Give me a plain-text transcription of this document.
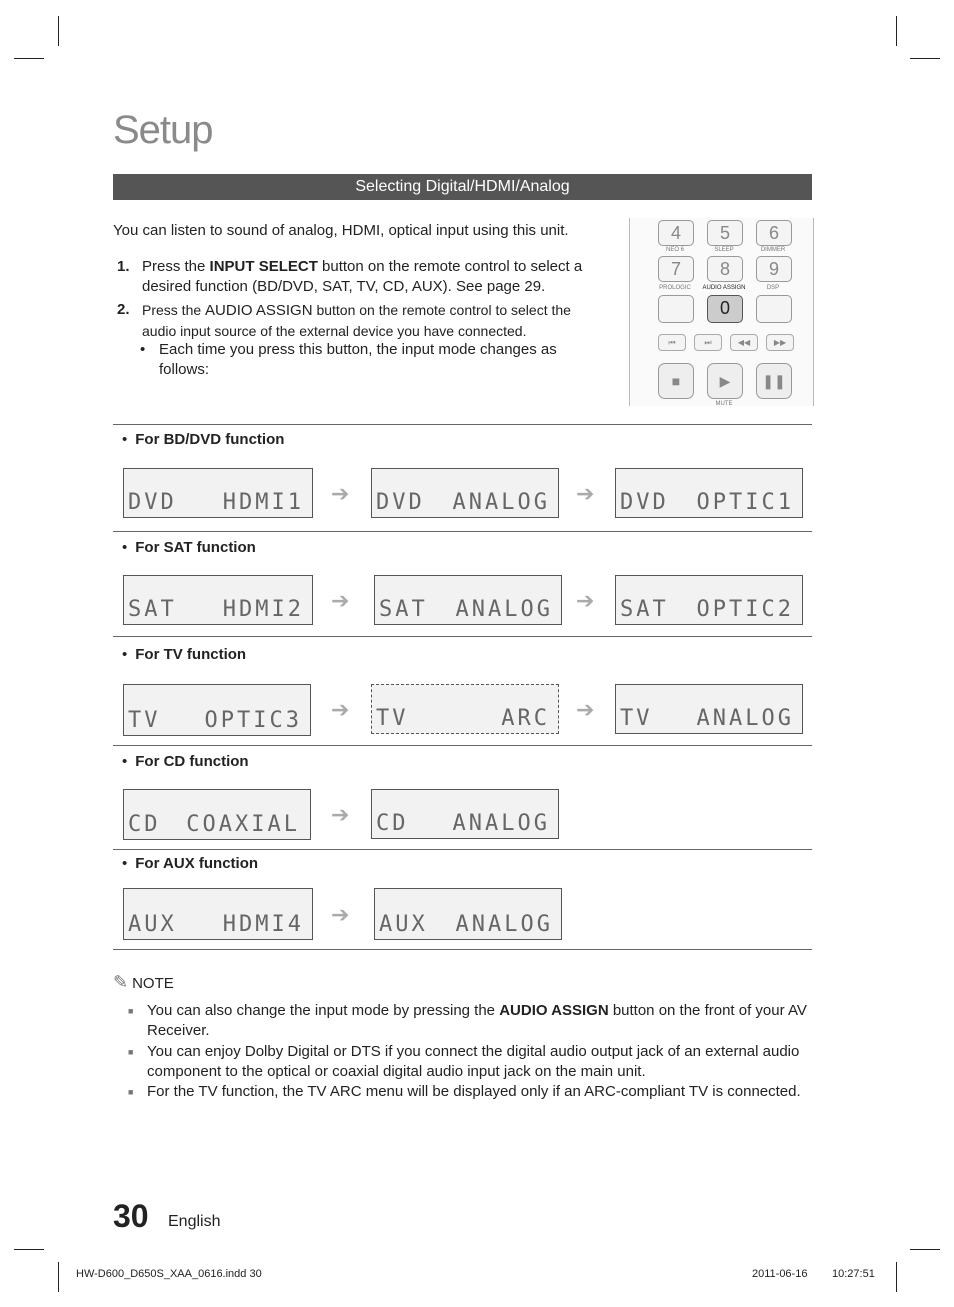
Setup
Selecting Digital/HDMI/Analog
You can listen to sound of analog, HDMI, optical input using this unit.
1. Press the INPUT SELECT button on the remote control to select a desired function (BD/DVD, SAT, TV, CD, AUX). See page 29.
2. Press the AUDIO ASSIGN button on the remote control to select the audio input source of the external device you have connected.
• Each time you press this button, the input mode changes as follows:
4	5	6
NEO 6	SLEEP	DIMMER
7	8	9
PROLOGIC	AUDIO ASSIGN	DSP
0
⏮	⏭	◀◀	▶▶
■	▶	❚❚
MUTE
• For BD/DVD function
DVD HDMI1 ➔ DVD ANALOG ➔ DVD OPTIC1
• For SAT function
SAT HDMI2 ➔ SAT ANALOG ➔ SAT OPTIC2
• For TV function
TV OPTIC3 ➔ TV	ARC ➔ TV ANALOG
• For CD function
CD COAXIAL ➔ CD ANALOG
• For AUX function
AUX HDMI4 ➔ AUX ANALOG
✎ NOTE
■ You can also change the input mode by pressing the AUDIO ASSIGN button on the front of your AV Receiver.
■ You can enjoy Dolby Digital or DTS if you connect the digital audio output jack of an external audio component to the optical or coaxial digital audio input jack on the main unit.
■ For the TV function, the TV ARC menu will be displayed only if an ARC-compliant TV is connected.
30 English
HW-D600_D650S_XAA_0616.indd 30	2011-06-16 10:27:51
